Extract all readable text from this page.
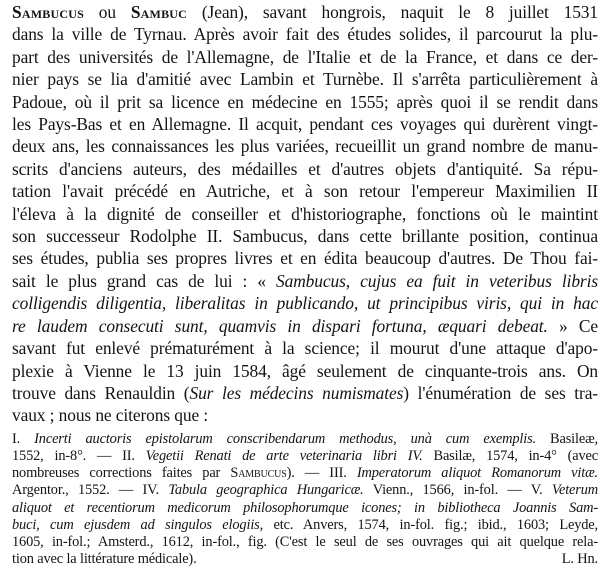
Sambucus ou Sambuc (Jean), savant hongrois, naquit le 8 juillet 1531
dans la ville de Tyrnau. Après avoir fait des études solides, il parcourut la plu-
part des universités de l'Allemagne, de l'Italie et de la France, et dans ce der-
nier pays se lia d'amitié avec Lambin et Turnèbe. Il s'arrêta particulièrement à
Padoue, où il prit sa licence en médecine en 1555; après quoi il se rendit dans
les Pays-Bas et en Allemagne. Il acquit, pendant ces voyages qui durèrent vingt-
deux ans, les connaissances les plus variées, recueillit un grand nombre de manu-
scrits d'anciens auteurs, des médailles et d'autres objets d'antiquité. Sa répu-
tation l'avait précédé en Autriche, et à son retour l'empereur Maximilien II
l'éleva à la dignité de conseiller et d'historiographe, fonctions où le maintint
son successeur Rodolphe II. Sambucus, dans cette brillante position, continua
ses études, publia ses propres livres et en édita beaucoup d'autres. De Thou fai-
sait le plus grand cas de lui : « Sambucus, cujus ea fuit in veteribus libris
colligendis diligentia, liberalitas in publicando, ut principibus viris, qui in hac
re laudem consecuti sunt, quamvis in dispari fortuna, æquari debeat. » Ce
savant fut enlevé prématurément à la science; il mourut d'une attaque d'apo-
plexie à Vienne le 13 juin 1584, âgé seulement de cinquante-trois ans. On
trouve dans Renauldin (Sur les médecins numismates) l'énumération de ses tra-
vaux ; nous ne citerons que :
I. Incerti auctoris epistolarum conscribendarum methodus, unà cum exemplis. Basileæ,
1552, in-8°. — II. Vegetii Renati de arte veterinaria libri IV. Basilæ, 1574, in-4° (avec
nombreuses corrections faites par Sambucus). — III. Imperatorum aliquot Romanorum vitæ.
Argentor., 1552. — IV. Tabula geographica Hungaricæ. Vienn., 1566, in-fol. — V. Veterum
aliquot et recentiorum medicorum philosophorumque icones; in bibliotheca Joannis Sam-
buci, cum ejusdem ad singulos elogiis, etc. Anvers, 1574, in-fol. fig.; ibid., 1603; Leyde,
1605, in-fol.; Amsterd., 1612, in-fol., fig. (C'est le seul de ses ouvrages qui ait quelque rela-
tion avec la littérature médicale).	L. Hn.
